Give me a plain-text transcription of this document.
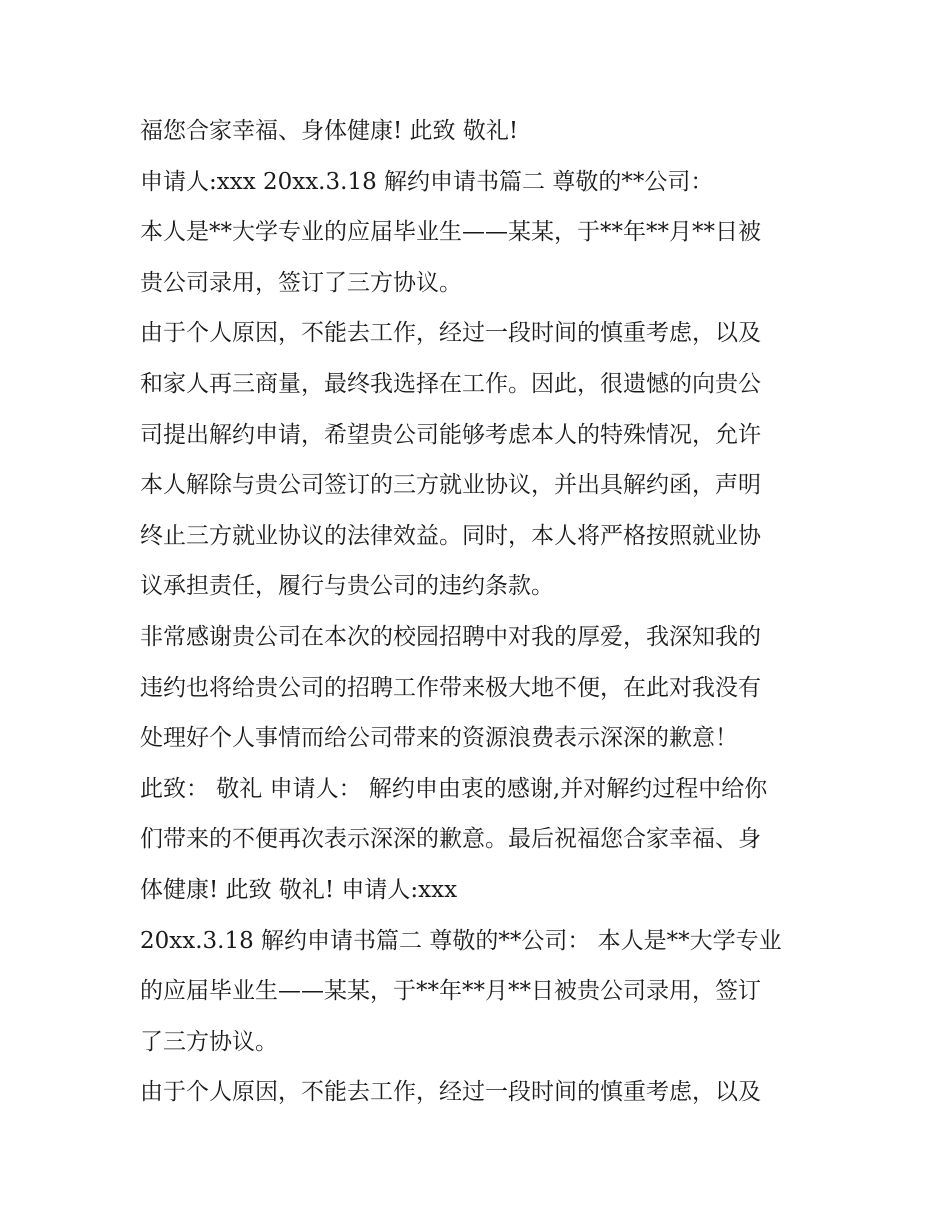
福您合家幸福、身体健康! 此致 敬礼!
申请人:xxx 20xx.3.18 解约申请书篇二 尊敬的**公司：
本人是**大学专业的应届毕业生——某某，于**年**月**日被
贵公司录用，签订了三方协议。
由于个人原因，不能去工作，经过一段时间的慎重考虑，以及
和家人再三商量，最终我选择在工作。因此，很遗憾的向贵公
司提出解约申请，希望贵公司能够考虑本人的特殊情况，允许
本人解除与贵公司签订的三方就业协议，并出具解约函，声明
终止三方就业协议的法律效益。同时，本人将严格按照就业协
议承担责任，履行与贵公司的违约条款。
非常感谢贵公司在本次的校园招聘中对我的厚爱，我深知我的
违约也将给贵公司的招聘工作带来极大地不便，在此对我没有
处理好个人事情而给公司带来的资源浪费表示深深的歉意！
此致： 敬礼 申请人： 解约申由衷的感谢,并对解约过程中给你
们带来的不便再次表示深深的歉意。最后祝福您合家幸福、身
体健康! 此致 敬礼! 申请人:xxx
20xx.3.18 解约申请书篇二 尊敬的**公司： 本人是**大学专业
的应届毕业生——某某，于**年**月**日被贵公司录用，签订
了三方协议。
由于个人原因，不能去工作，经过一段时间的慎重考虑，以及
